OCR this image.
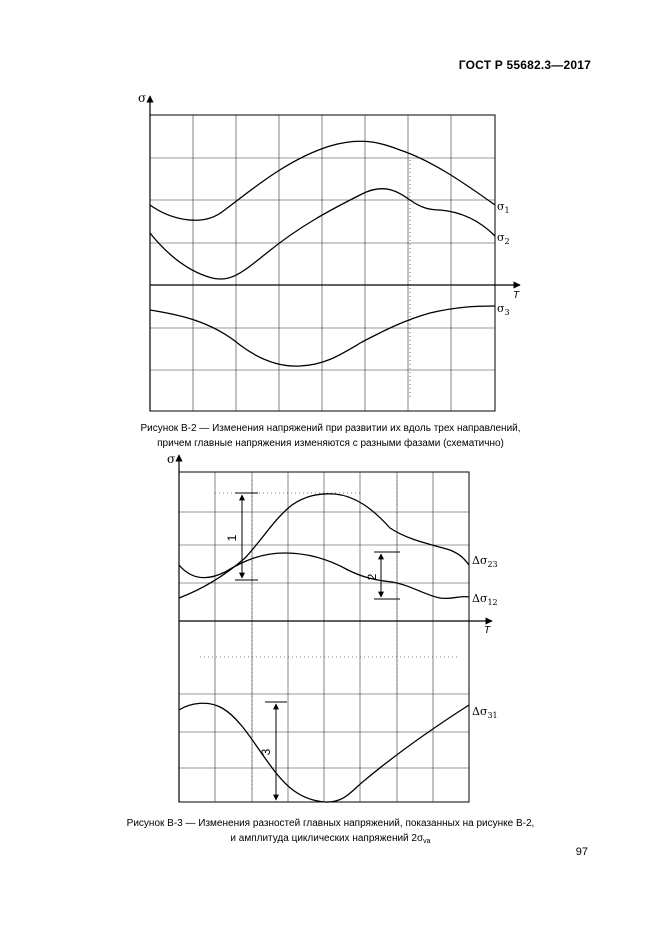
ГОСТ Р 55682.3—2017
σ
T
$\sigma_1$
$\sigma_2$
$\sigma_3$
σ
T
$\Delta\sigma_{23}$
$\Delta\sigma_{12}$
$\Delta\sigma_{31}$
1
2
3
Рисунок В-2 — Изменения напряжений при развитии их вдоль трех направлений,
причем главные напряжения изменяются с разными фазами (схематично)
Рисунок В-3 — Изменения разностей главных напряжений, показанных на рисунке В-2,
и амплитуда циклических напряжений $2\sigma_{va}$
97
